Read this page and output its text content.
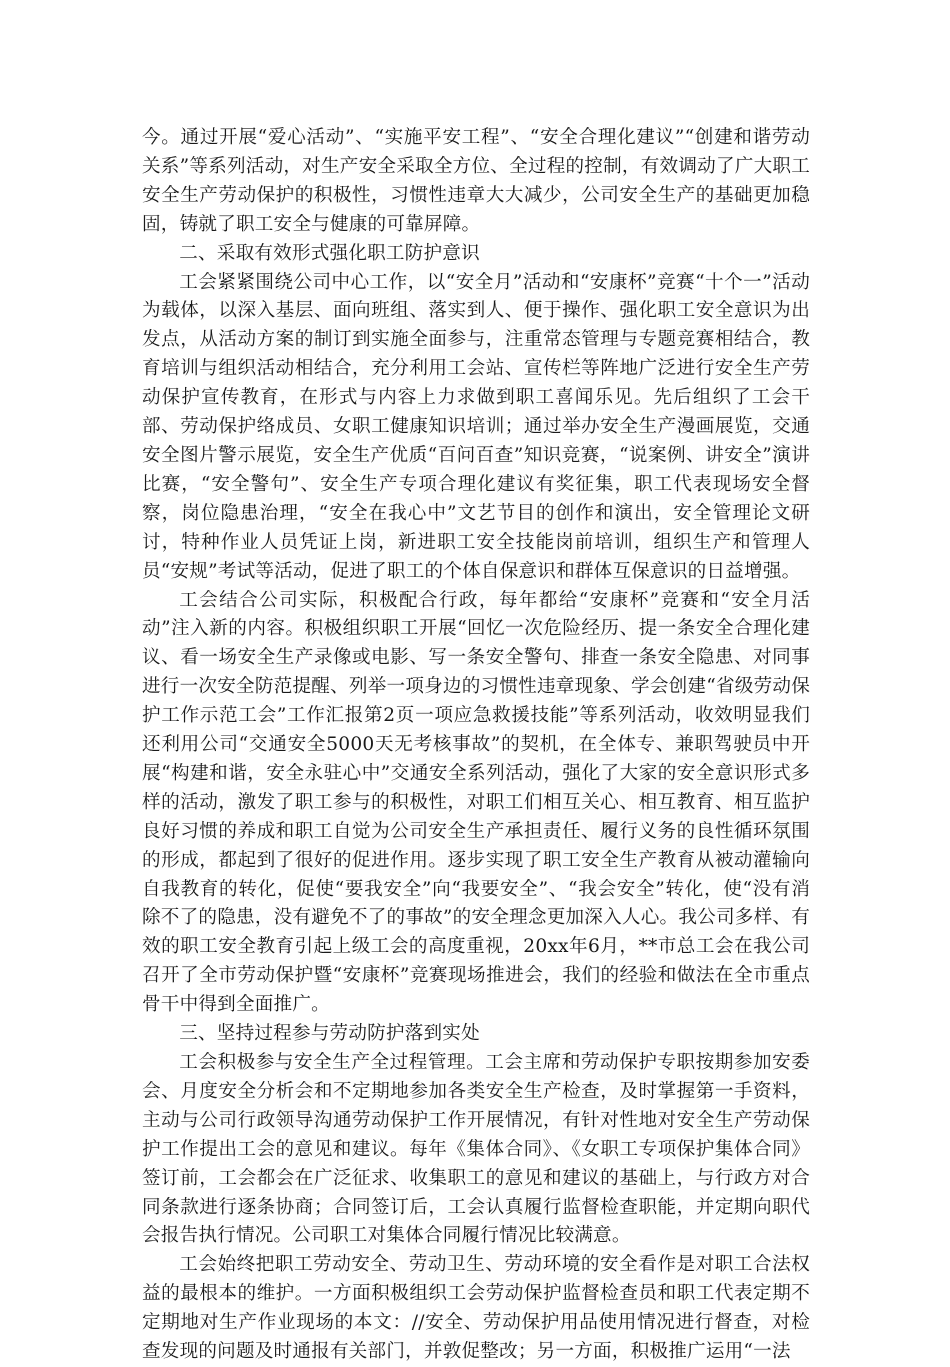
今。通过开展“爱心活动”、“实施平安工程”、“安全合理化建议”“创建和谐劳动关系”等系列活动，对生产安全采取全方位、全过程的控制，有效调动了广大职工安全生产劳动保护的积极性，习惯性违章大大减少，公司安全生产的基础更加稳固，铸就了职工安全与健康的可靠屏障。

二、采取有效形式强化职工防护意识

工会紧紧围绕公司中心工作，以“安全月”活动和“安康杯”竞赛“十个一”活动为载体，以深入基层、面向班组、落实到人、便于操作、强化职工安全意识为出发点，从活动方案的制订到实施全面参与，注重常态管理与专题竞赛相结合，教育培训与组织活动相结合，充分利用工会站、宣传栏等阵地广泛进行安全生产劳动保护宣传教育，在形式与内容上力求做到职工喜闻乐见。先后组织了工会干部、劳动保护络成员、女职工健康知识培训；通过举办安全生产漫画展览，交通安全图片警示展览，安全生产优质“百问百查”知识竞赛，“说案例、讲安全”演讲比赛，“安全警句”、安全生产专项合理化建议有奖征集，职工代表现场安全督察，岗位隐患治理，“安全在我心中”文艺节目的创作和演出，安全管理论文研讨，特种作业人员凭证上岗，新进职工安全技能岗前培训，组织生产和管理人员“安规”考试等活动，促进了职工的个体自保意识和群体互保意识的日益增强。

工会结合公司实际，积极配合行政，每年都给“安康杯”竞赛和“安全月活动”注入新的内容。积极组织职工开展“回忆一次危险经历、提一条安全合理化建议、看一场安全生产录像或电影、写一条安全警句、排查一条安全隐患、对同事进行一次安全防范提醒、列举一项身边的习惯性违章现象、学会创建“省级劳动保护工作示范工会”工作汇报第2页一项应急救援技能”等系列活动，收效明显我们还利用公司“交通安全5000天无考核事故”的契机，在全体专、兼职驾驶员中开展“构建和谐，安全永驻心中”交通安全系列活动，强化了大家的安全意识形式多样的活动，激发了职工参与的积极性，对职工们相互关心、相互教育、相互监护良好习惯的养成和职工自觉为公司安全生产承担责任、履行义务的良性循环氛围的形成，都起到了很好的促进作用。逐步实现了职工安全生产教育从被动灌输向自我教育的转化，促使“要我安全”向“我要安全”、“我会安全”转化，使“没有消除不了的隐患，没有避免不了的事故”的安全理念更加深入人心。我公司多样、有效的职工安全教育引起上级工会的高度重视，20xx年6月，**市总工会在我公司召开了全市劳动保护暨“安康杯”竞赛现场推进会，我们的经验和做法在全市重点骨干中得到全面推广。

三、坚持过程参与劳动防护落到实处

工会积极参与安全生产全过程管理。工会主席和劳动保护专职按期参加安委会、月度安全分析会和不定期地参加各类安全生产检查，及时掌握第一手资料，主动与公司行政领导沟通劳动保护工作开展情况，有针对性地对安全生产劳动保护工作提出工会的意见和建议。每年《集体合同》、《女职工专项保护集体合同》签订前，工会都会在广泛征求、收集职工的意见和建议的基础上，与行政方对合同条款进行逐条协商；合同签订后，工会认真履行监督检查职能，并定期向职代会报告执行情况。公司职工对集体合同履行情况比较满意。

工会始终把职工劳动安全、劳动卫生、劳动环境的安全看作是对职工合法权益的最根本的维护。一方面积极组织工会劳动保护监督检查员和职工代表定期不定期地对生产作业现场的本文：//安全、劳动保护用品使用情况进行督查，对检查发现的问题及时通报有关部门，并敦促整改；另一方面，积极推广运用“一法
